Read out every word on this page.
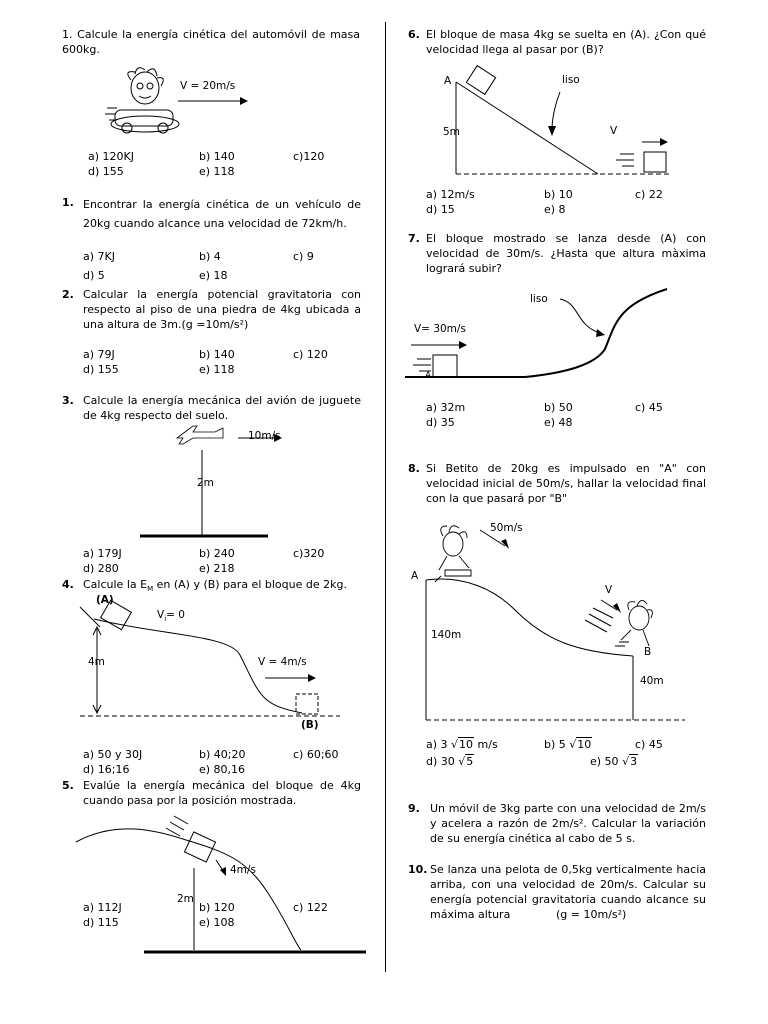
1. Calcule la energía cinética del automóvil de masa 600kg.
V = 20m/s
a) 120KJ	b) 140	c)120
d) 155	e) 118
1. Encontrar la energía cinética de un vehículo de 20kg cuando alcance una velocidad de 72km/h.
a) 7KJ	b) 4	c) 9
d) 5	e) 18
2. Calcular la energía potencial gravitatoria con respecto al piso de una piedra de 4kg ubicada a una altura de 3m.(g =10m/s²)
a) 79J	b) 140	c) 120
d) 155	e) 118
3. Calcule la energía mecánica del avión de juguete de 4kg respecto del suelo.
10m/s
2m
a) 179J	b) 240	c)320
d) 280	e) 218
4. Calcule la $E_M$ en (A) y (B) para el bloque de 2kg.
(A)
$V_i= 0$
4m	V = 4m/s
(B)
a) 50 y 30J	b) 40;20	c) 60;60
d) 16;16	e) 80,16
5. Evalúe la energía mecánica del bloque de 4kg cuando pasa por la posición mostrada.
4m/s
2m
a) 112J	b) 120	c) 122
d) 115	e) 108
6. El bloque de masa 4kg se suelta en (A). ¿Con qué velocidad llega al pasar por (B)?
A	liso
5m	V
a) 12m/s	b) 10	c) 22
d) 15	e) 8
7. El bloque mostrado se lanza desde (A) con velocidad de 30m/s. ¿Hasta que altura màxima logrará subir?
liso
V= 30m/s
A
a) 32m	b) 50	c) 45
d) 35	e) 48
8. Si Betito de 20kg es impulsado en "A" con velocidad inicial de 50m/s, hallar la velocidad final con la que pasará por "B"
50m/s
A
V
140m
B
40m
a) 3 √10 m/s	b) 5 √10	c) 45
d) 30 √5	e) 50 √3
9. Un móvil de 3kg parte con una velocidad de 2m/s y acelera a razón de 2m/s². Calcular la variación de su energía cinética al cabo de 5 s.
10. Se lanza una pelota de 0,5kg verticalmente hacia arriba, con una velocidad de 20m/s. Calcular su energía potencial gravitatoria cuando alcance su máxima altura	(g = 10m/s²)
